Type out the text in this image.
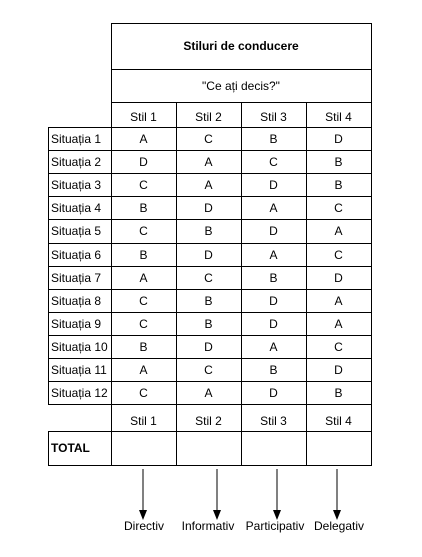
Stiluri de conducere
"Ce ați decis?"
Stil 1	Stil 2	Stil 3	Stil 4
Situația 1	A	C	B	D
Situația 2	D	A	C	B
Situația 3	C	A	D	B
Situația 4	B	D	A	C
Situația 5	C	B	D	A
Situația 6	B	D	A	C
Situația 7	A	C	B	D
Situația 8	C	B	D	A
Situația 9	C	B	D	A
Situația 10	B	D	A	C
Situația 11	A	C	B	D
Situația 12	C	A	D	B
Stil 1	Stil 2	Stil 3	Stil 4
TOTAL
Directiv	Informativ Participativ Delegativ
